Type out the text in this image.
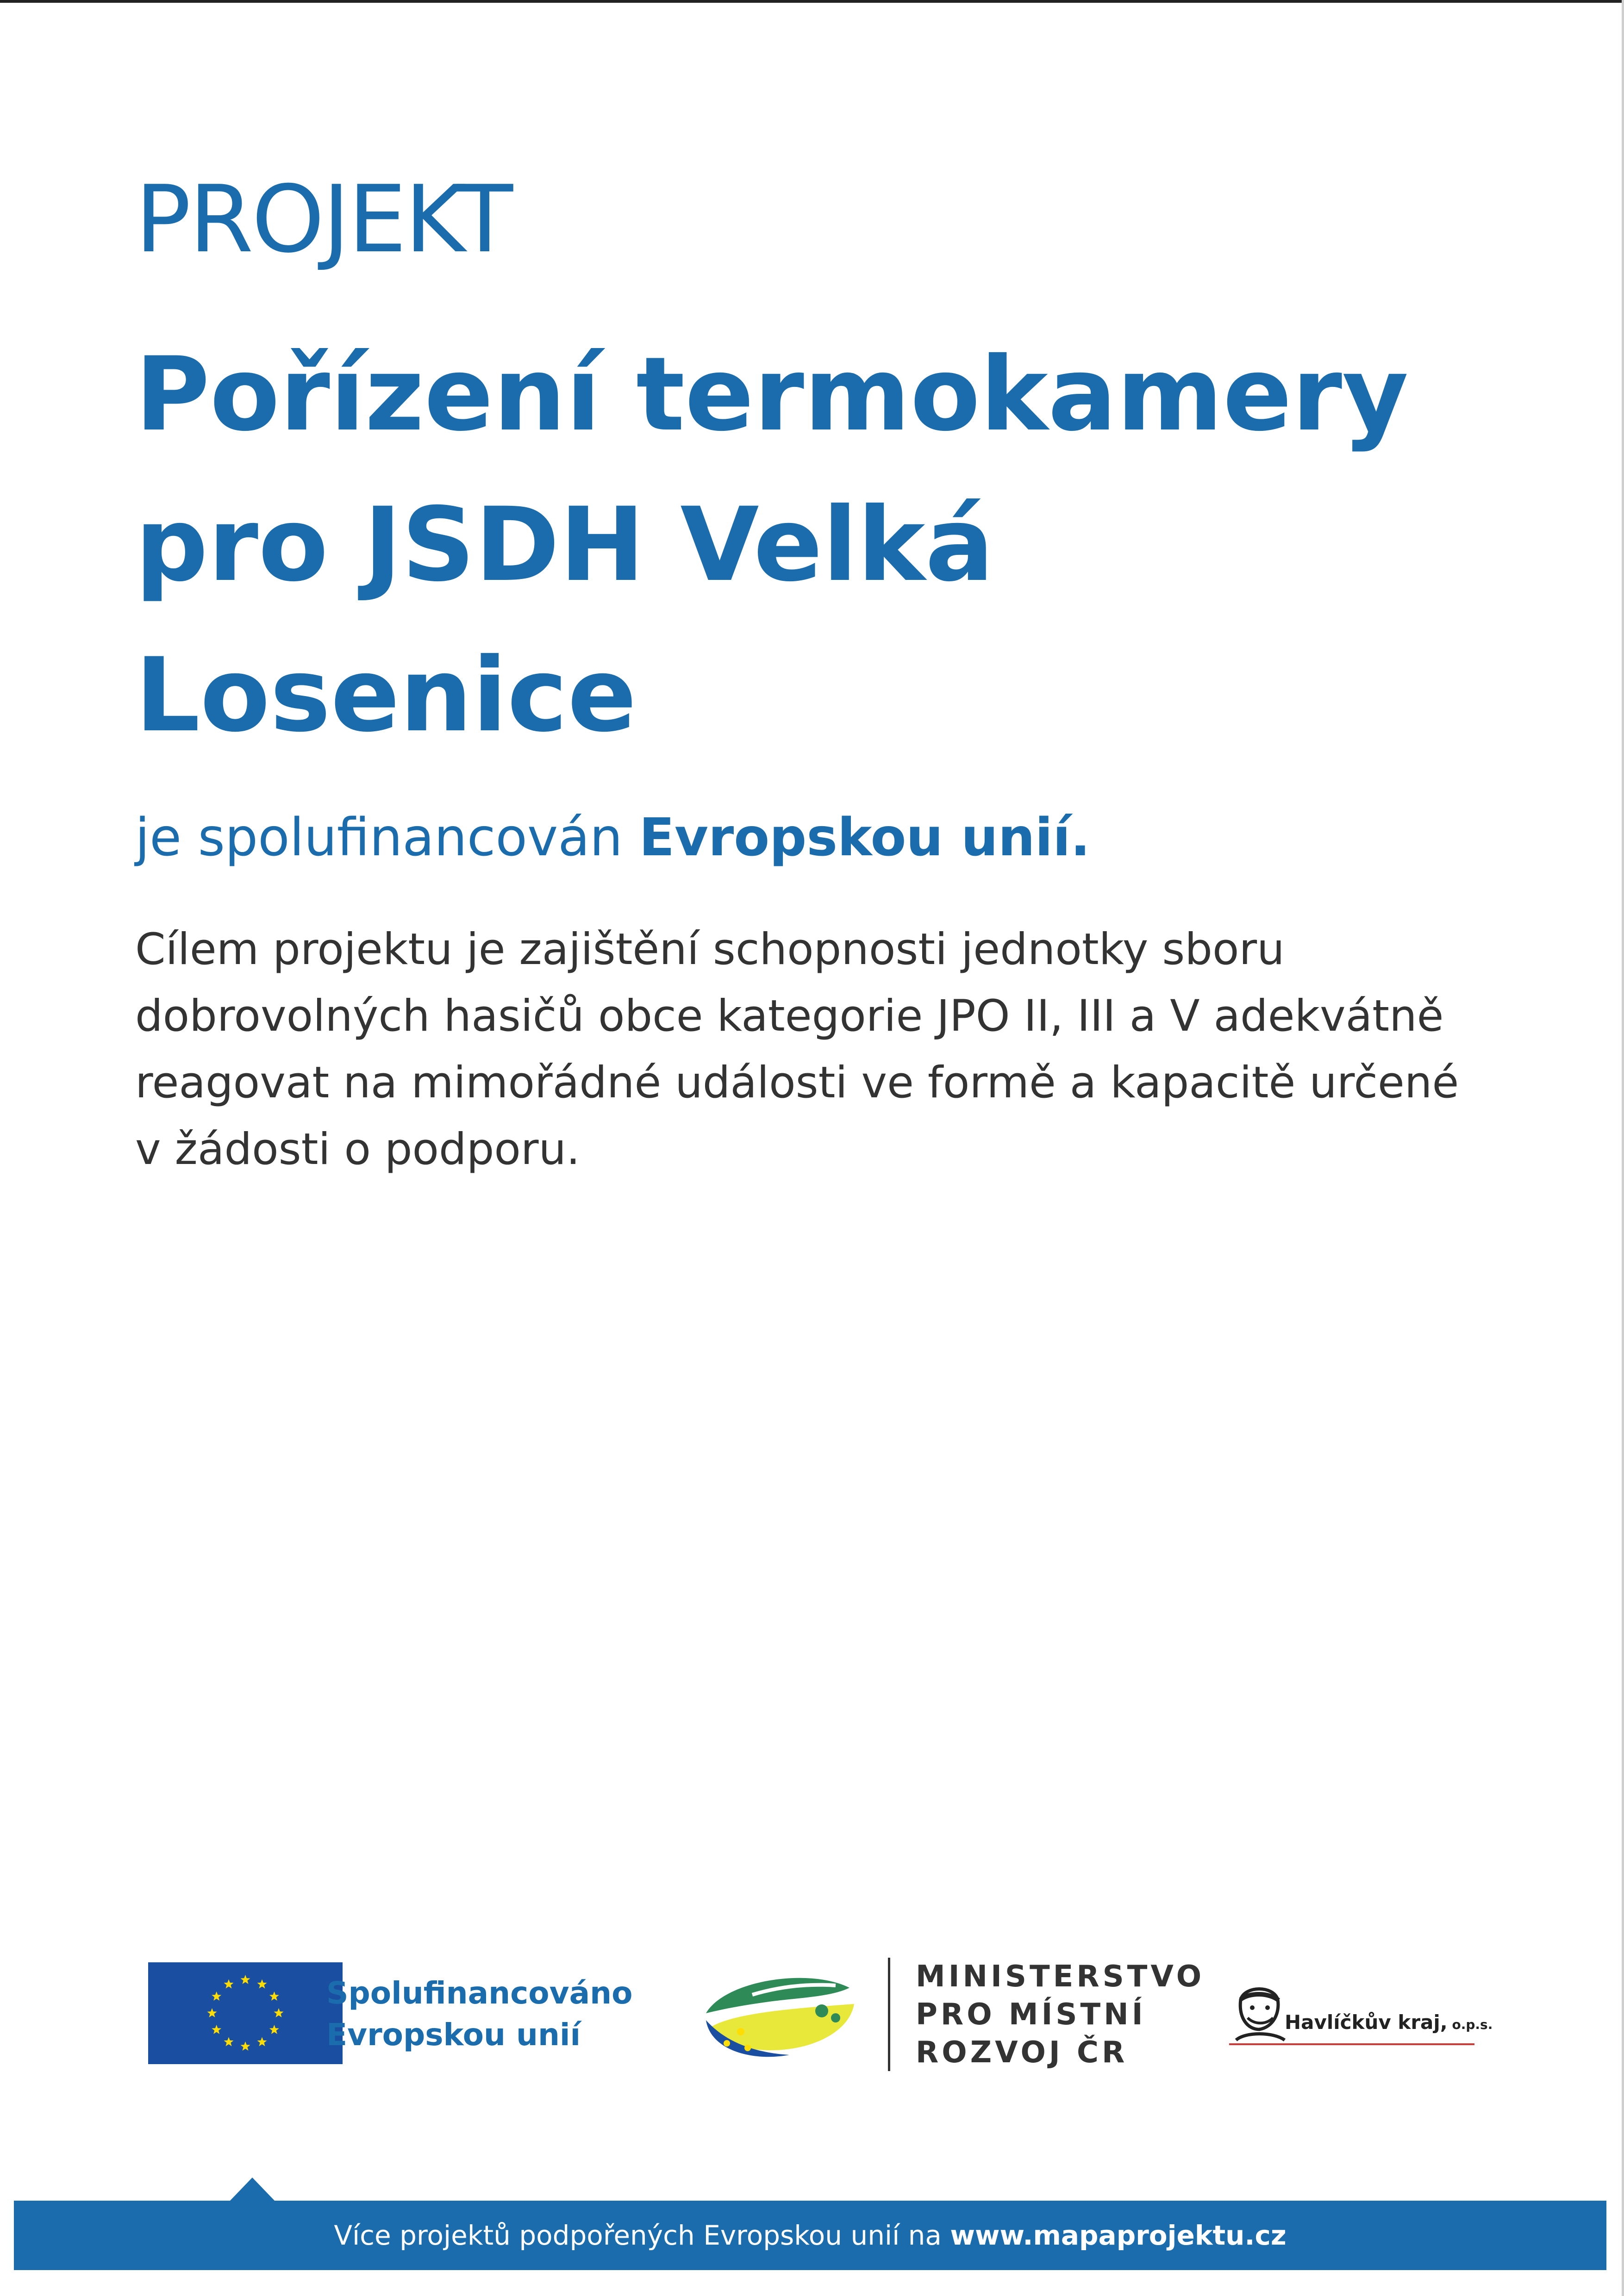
PROJEKT
Pořízení termokamery pro JSDH Velká Losenice
je spolufinancován Evropskou unií.

Cílem projektu je zajištění schopnosti jednotky sboru dobrovolných hasičů obce kategorie JPO II, III a V adekvátně reagovat na mimořádné události ve formě a kapacitě určené v žádosti o podporu.

Spolufinancováno
Evropskou unií
MINISTERSTVO
PRO MÍSTNÍ
ROZVOJ ČR
Havlíčkův kraj, o.p.s.
Více projektů podpořených Evropskou unií na www.mapaprojektu.cz
